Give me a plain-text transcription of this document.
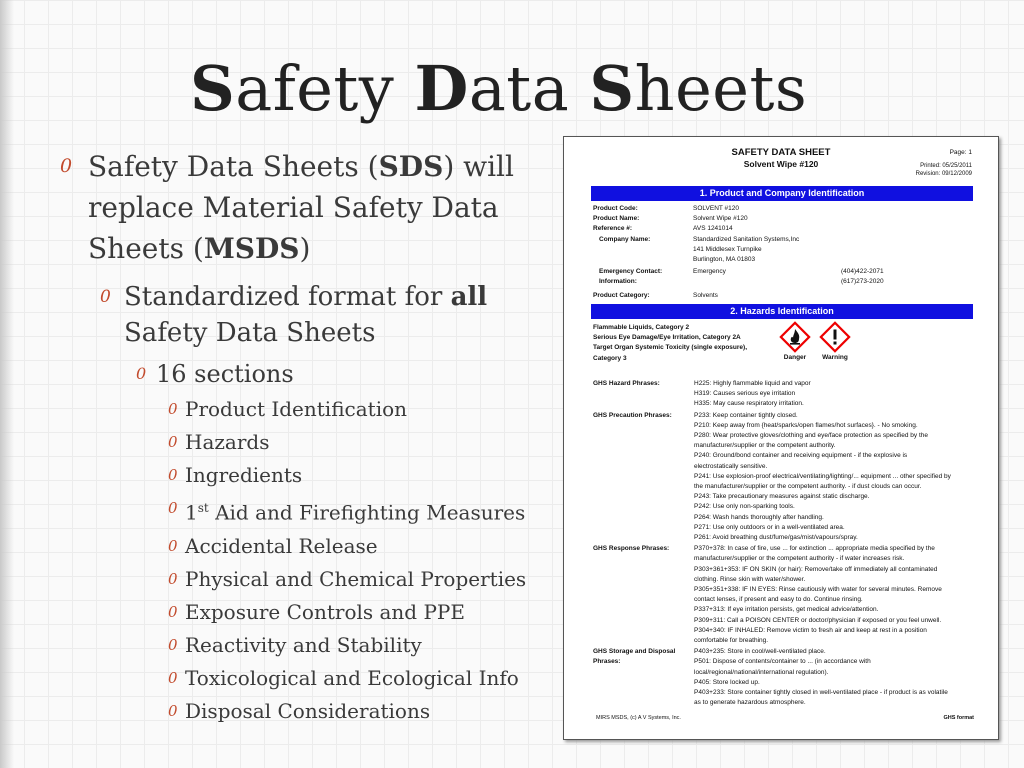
Safety Data Sheets
0 Safety Data Sheets (SDS) will replace Material Safety Data Sheets (MSDS)
0 Standardized format for all Safety Data Sheets
0 16 sections
0 Product Identification
0 Hazards
0 Ingredients
0 1st Aid and Firefighting Measures
0 Accidental Release
0 Physical and Chemical Properties
0 Exposure Controls and PPE
0 Reactivity and Stability
0 Toxicological and Ecological Info
0 Disposal Considerations
SAFETY DATA SHEET
Solvent Wipe #120
Page: 1
Printed: 05/25/2011
Revision: 09/12/2009
1. Product and Company Identification
Product Code:	SOLVENT #120
Product Name:	Solvent Wipe #120
Reference #:	AVS 1241014
Company Name:	Standardized Sanitation Systems,Inc
141 Middlesex Turnpike
Burlington, MA 01803
Emergency Contact:	Emergency	(404)422-2071
Information:	(617)273-2020
Product Category:	Solvents
2. Hazards Identification
Flammable Liquids, Category 2
Serious Eye Damage/Eye Irritation, Category 2A
Target Organ Systemic Toxicity (single exposure),
Category 3	Danger	Warning
GHS Hazard Phrases:	H225: Highly flammable liquid and vapor
H319: Causes serious eye irritation
H335: May cause respiratory irritation.
GHS Precaution Phrases:	P233: Keep container tightly closed.
P210: Keep away from {heat/sparks/open flames/hot surfaces}. - No smoking.
P280: Wear protective gloves/clothing and eye/face protection as specified by the
manufacturer/supplier or the competent authority.
P240: Ground/bond container and receiving equipment - if the explosive is
electrostatically sensitive.
P241: Use explosion-proof electrical/ventilating/lighting/... equipment ... other specified by
the manufacturer/supplier or the competent authority. - if dust clouds can occur.
P243: Take precautionary measures against static discharge.
P242: Use only non-sparking tools.
P264: Wash hands thoroughly after handling.
P271: Use only outdoors or in a well-ventilated area.
P261: Avoid breathing dust/fume/gas/mist/vapours/spray.
GHS Response Phrases:	P370+378: In case of fire, use ... for extinction ... appropriate media specified by the
manufacturer/supplier or the competent authority - if water increases risk.
P303+361+353: IF ON SKIN (or hair): Remove/take off immediately all contaminated
clothing. Rinse skin with water/shower.
P305+351+338: IF IN EYES: Rinse cautiously with water for several minutes. Remove
contact lenses, if present and easy to do. Continue rinsing.
P337+313: If eye irritation persists, get medical advice/attention.
P309+311: Call a POISON CENTER or doctor/physician if exposed or you feel unwell.
P304+340: IF INHALED: Remove victim to fresh air and keep at rest in a position
comfortable for breathing.
GHS Storage and Disposal Phrases:
P403+235: Store in cool/well-ventilated place.
P501: Dispose of contents/container to ... (in accordance with
local/regional/national/international regulation).
P405: Store locked up.
P403+233: Store container tightly closed in well-ventilated place - if product is as volatile
as to generate hazardous atmosphere.
MIRS MSDS, (c) A V Systems, Inc.	GHS format
